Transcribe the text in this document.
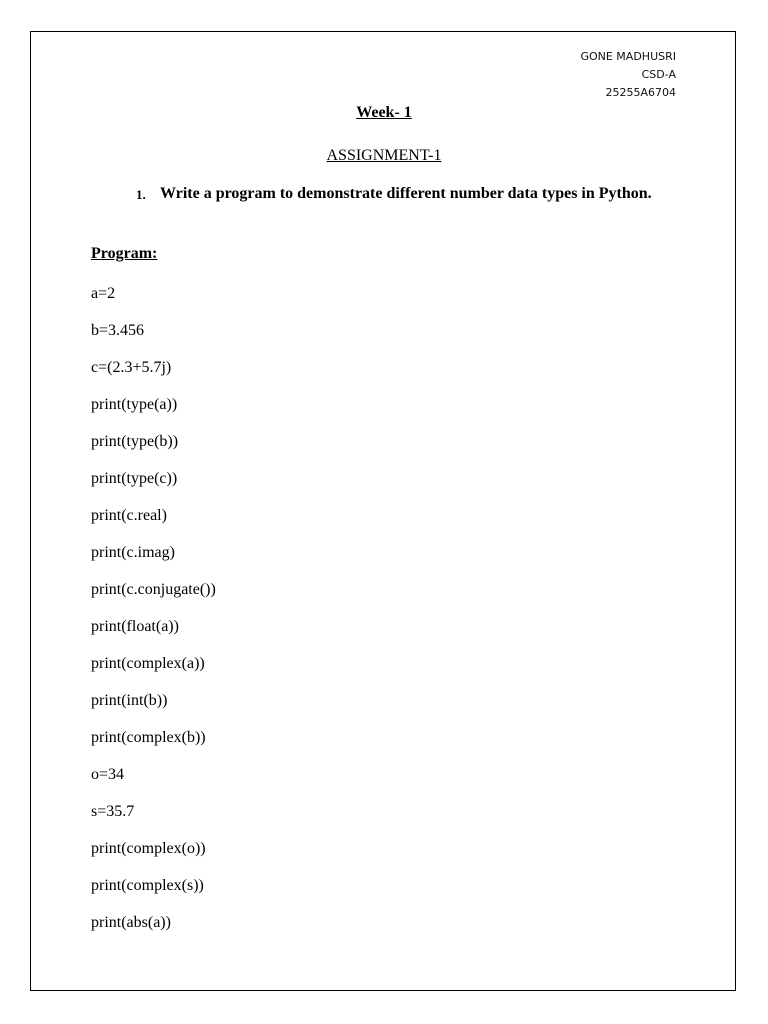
GONE MADHUSRI
CSD-A
25255A6704
Week- 1
ASSIGNMENT-1
1. Write a program to demonstrate different number data types in Python.
Program:
a=2
b=3.456
c=(2.3+5.7j)
print(type(a))
print(type(b))
print(type(c))
print(c.real)
print(c.imag)
print(c.conjugate())
print(float(a))
print(complex(a))
print(int(b))
print(complex(b))
o=34
s=35.7
print(complex(o))
print(complex(s))
print(abs(a))
